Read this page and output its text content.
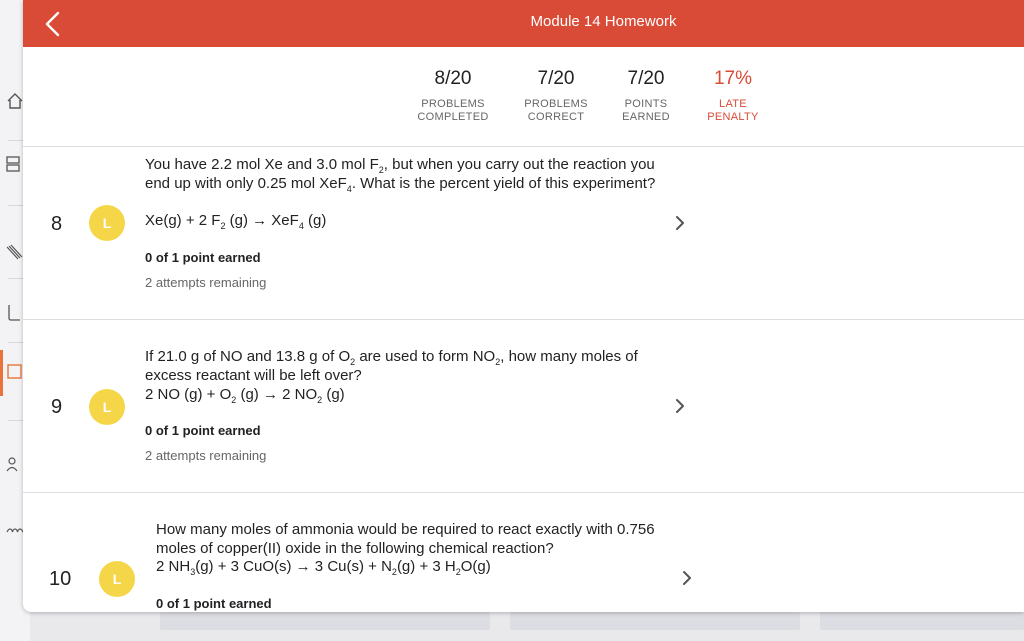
Module 14 Homework
8/20
PROBLEMS
COMPLETED
7/20
PROBLEMS
CORRECT
7/20
POINTS
EARNED
17%
LATE
PENALTY
8	L
You have 2.2 mol Xe and 3.0 mol $F_2$, but when you carry out the reaction you end up with only 0.25 mol XeF$_4$. What is the percent yield of this experiment?
Xe(g) + 2 $F_2$ (g) → XeF$_4$ (g)
0 of 1 point earned
2 attempts remaining
9	L
If 21.0 g of NO and 13.8 g of $O_2$ are used to form $NO_2$, how many moles of excess reactant will be left over?
2 NO $(g) + O_2$ (g) → 2 $NO_2$ (g)
0 of 1 point earned
2 attempts remaining
10	L
How many moles of ammonia would be required to react exactly with 0.756 moles of copper(II) oxide in the following chemical reaction?
2 $NH_3(g) + 3$ CuO(s) → 3 $Cu(s) + N_2(g) + 3$ $H_2O(g)$
0 of 1 point earned
